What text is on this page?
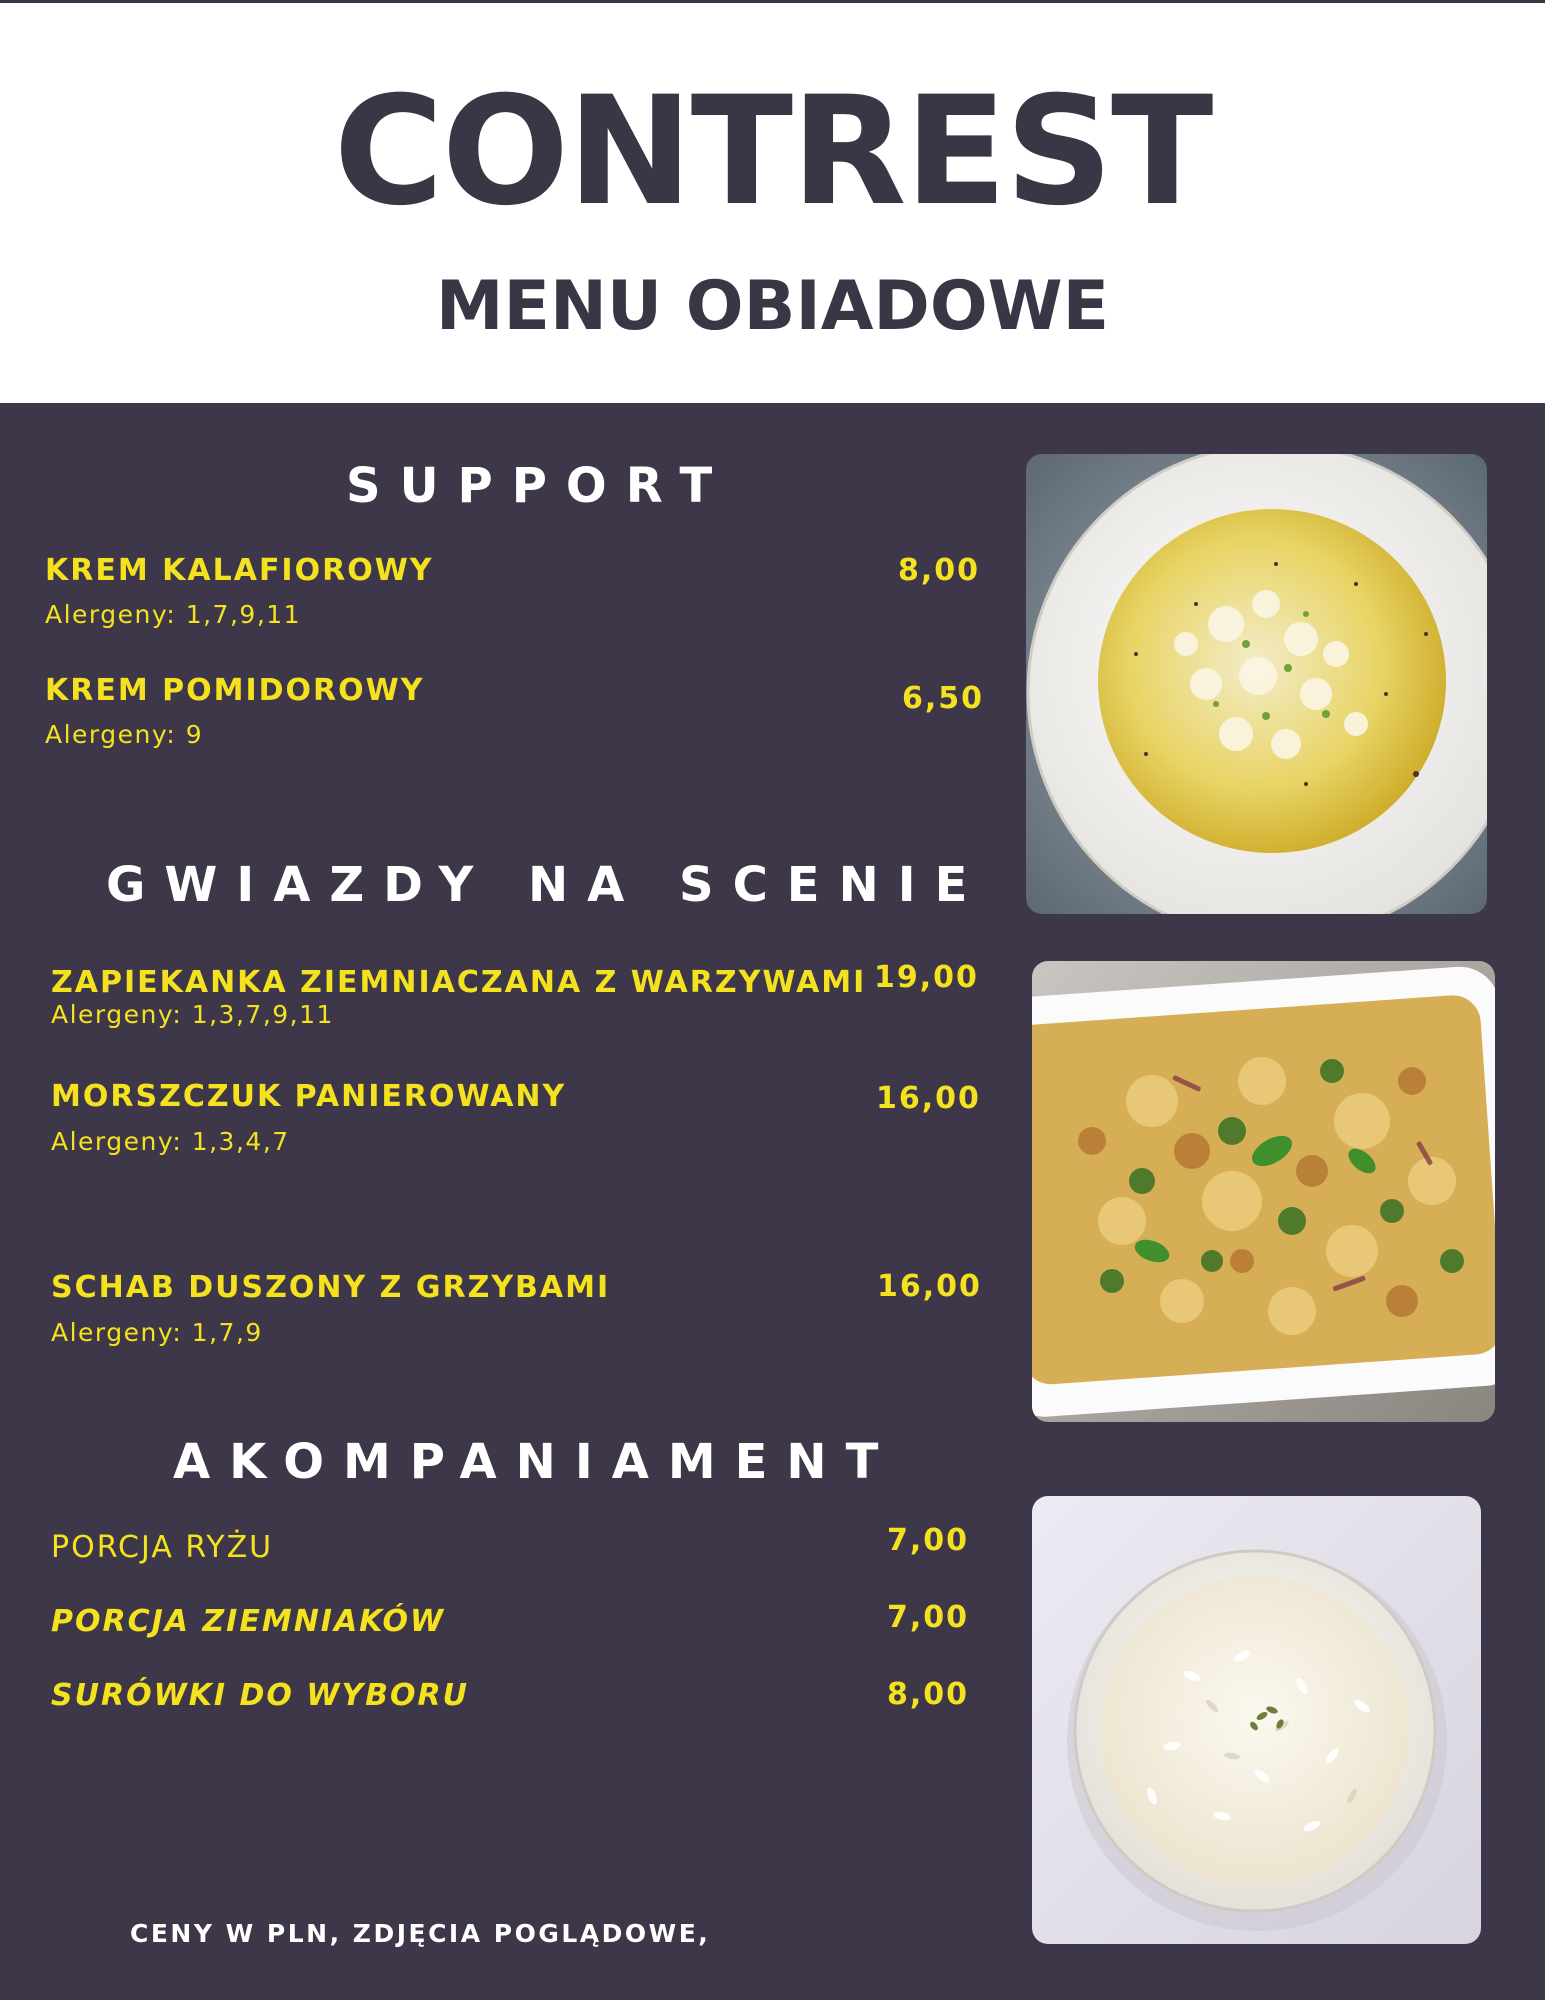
CONTREST
MENU OBIADOWE
SUPPORT
KREM KALAFIOROWY
Alergeny: 1,7,9,11
8,00
KREM POMIDOROWY
Alergeny: 9
6,50
GWIAZDY NA SCENIE
ZAPIEKANKA ZIEMNIACZANA Z WARZYWAMI
Alergeny: 1,3,7,9,11
19,00
MORSZCZUK PANIEROWANY
Alergeny: 1,3,4,7
16,00
SCHAB DUSZONY Z GRZYBAMI
Alergeny: 1,7,9
16,00
AKOMPANIAMENT
PORCJA RYŻU	7,00
PORCJA ZIEMNIAKÓW	7,00
SURÓWKI DO WYBORU	8,00
CENY W PLN, ZDJĘCIA POGLĄDOWE,
